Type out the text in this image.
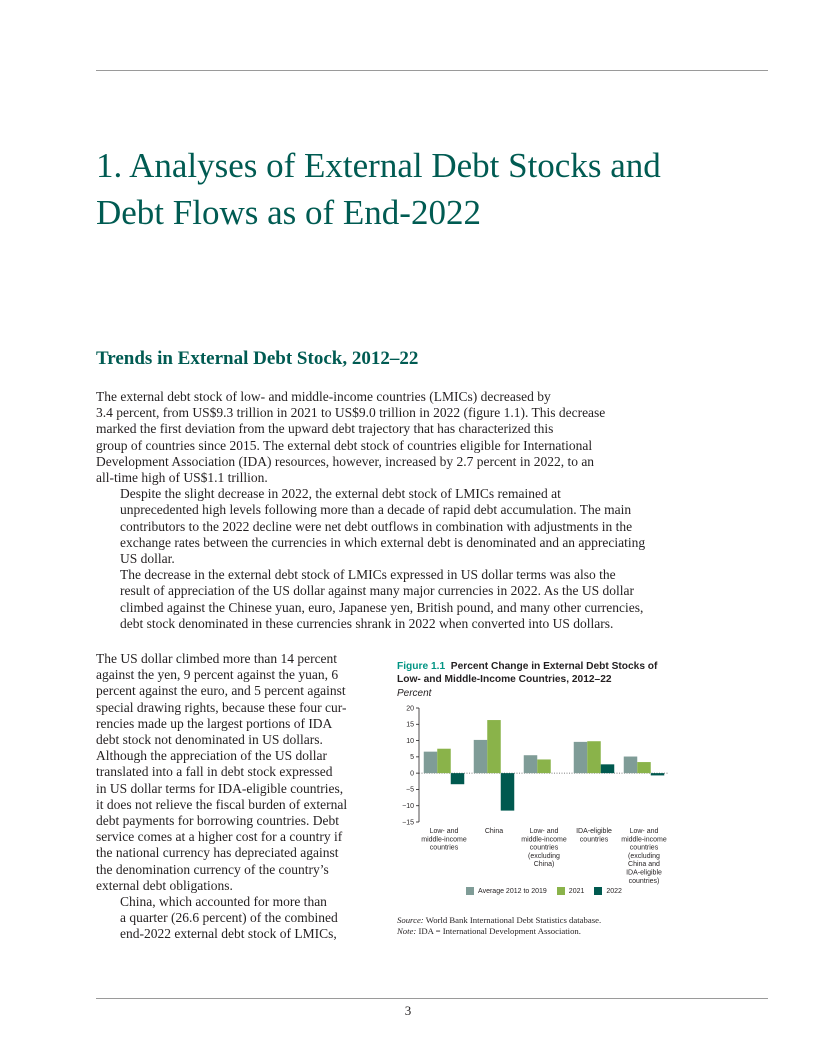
1. Analyses of External Debt Stocks and Debt Flows as of End-2022
Trends in External Debt Stock, 2012–22

The external debt stock of low- and middle-income countries (LMICs) decreased by
3.4 percent, from US$9.3 trillion in 2021 to US$9.0 trillion in 2022 (figure 1.1). This decrease
marked the first deviation from the upward debt trajectory that has characterized this
group of countries since 2015. The external debt stock of countries eligible for International
Development Association (IDA) resources, however, increased by 2.7 percent in 2022, to an
all-time high of US$1.1 trillion.

Despite the slight decrease in 2022, the external debt stock of LMICs remained at
unprecedented high levels following more than a decade of rapid debt accumulation. The main
contributors to the 2022 decline were net debt outflows in combination with adjustments in the
exchange rates between the currencies in which external debt is denominated and an appreciating
US dollar.

The decrease in the external debt stock of LMICs expressed in US dollar terms was also the
result of appreciation of the US dollar against many major currencies in 2022. As the US dollar
climbed against the Chinese yuan, euro, Japanese yen, British pound, and many other currencies,
debt stock denominated in these currencies shrank in 2022 when converted into US dollars.

The US dollar climbed more than 14 percent
against the yen, 9 percent against the yuan, 6
percent against the euro, and 5 percent against
special drawing rights, because these four cur-
rencies made up the largest portions of IDA
debt stock not denominated in US dollars.
Although the appreciation of the US dollar
translated into a fall in debt stock expressed
in US dollar terms for IDA-eligible countries,
it does not relieve the fiscal burden of external
debt payments for borrowing countries. Debt
service comes at a higher cost for a country if
the national currency has depreciated against
the denomination currency of the country’s
external debt obligations.

China, which accounted for more than
a quarter (26.6 percent) of the combined
end-2022 external debt stock of LMICs,

Figure 1.1 Percent Change in External Debt Stocks of Low- and Middle-Income Countries, 2012–22

Percent
20
15
10
5
0
−5
−10
−15
Low- and
middle-income
countries
China	Low- and
middle-income
countries
(excluding
China)
IDA-eligible
countries
Low- and
middle-income
countries
(excluding
China and
IDA-eligible
countries)
Average 2012 to 2019	2021	2022
Source: World Bank International Debt Statistics database.
Note: IDA = International Development Association.
3
